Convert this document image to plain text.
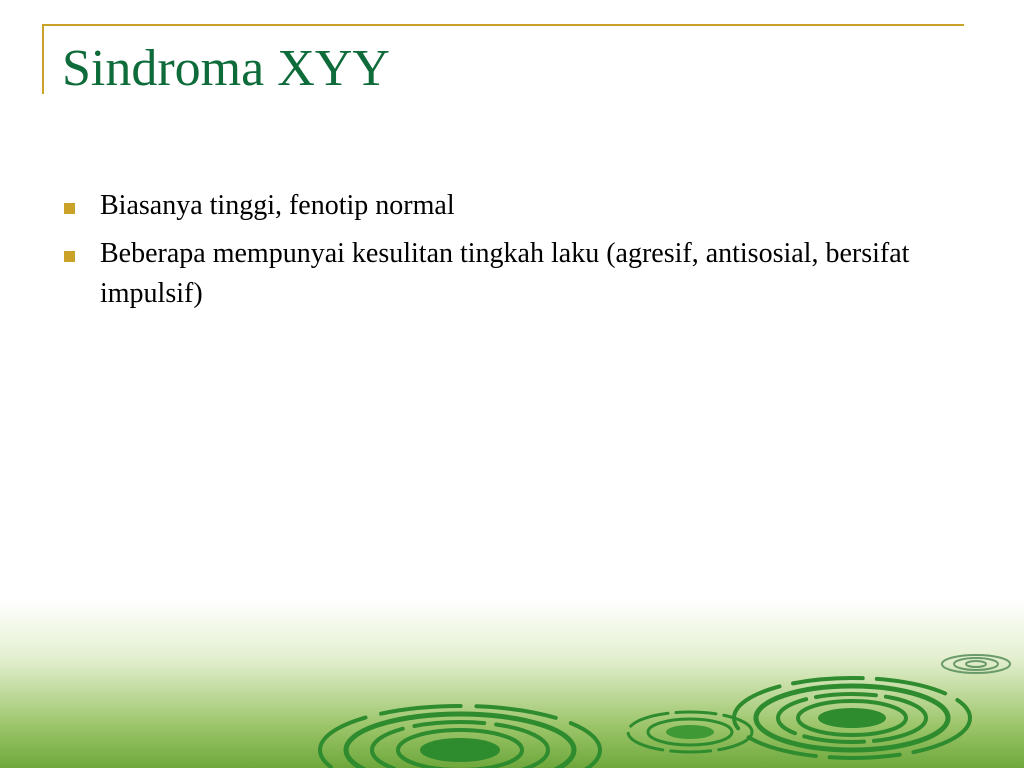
Sindroma XYY
Biasanya tinggi, fenotip normal
Beberapa mempunyai kesulitan tingkah laku (agresif, antisosial, bersifat impulsif)
